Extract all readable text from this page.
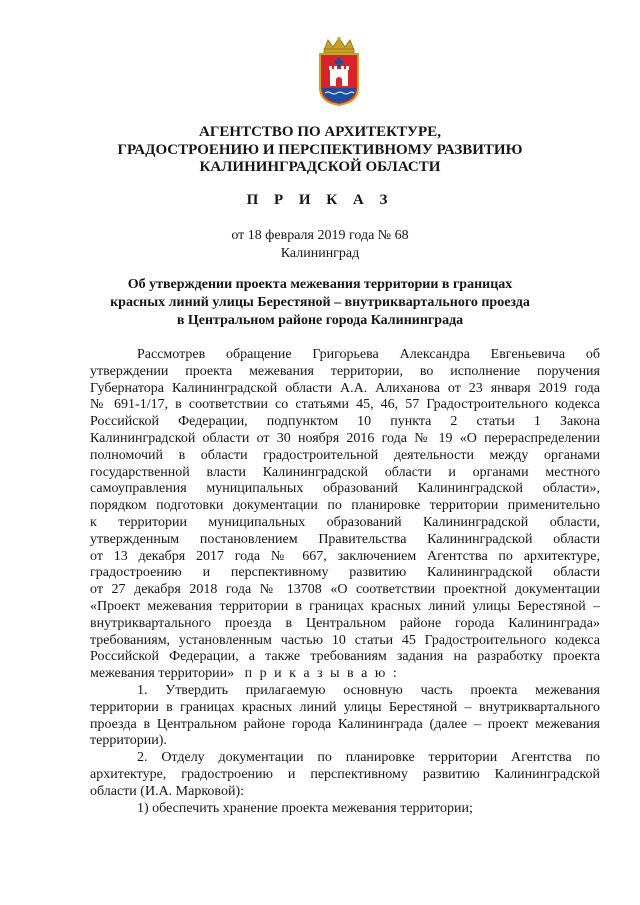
АГЕНТСТВО ПО АРХИТЕКТУРЕ,
ГРАДОСТРОЕНИЮ И ПЕРСПЕКТИВНОМУ РАЗВИТИЮ
КАЛИНИНГРАДСКОЙ ОБЛАСТИ
П Р И К А З
от 18 февраля 2019 года № 68
Калининград
Об утверждении проекта межевания территории в границах
красных линий улицы Берестяной – внутриквартального проезда
в Центральном районе города Калининграда
Рассмотрев обращение Григорьева Александра Евгеньевича об
утверждении проекта межевания территории, во исполнение поручения
Губернатора Калининградской области А.А. Алиханова от 23 января 2019 года
№ 691-1/17, в соответствии со статьями 45, 46, 57 Градостроительного кодекса
Российской Федерации, подпунктом 10 пункта 2 статьи 1 Закона
Калининградской области от 30 ноября 2016 года № 19 «О перераспределении
полномочий в области градостроительной деятельности между органами
государственной власти Калининградской области и органами местного
самоуправления муниципальных образований Калининградской области»,
порядком подготовки документации по планировке территории применительно
к территории муниципальных образований Калининградской области,
утвержденным постановлением Правительства Калининградской области
от 13 декабря 2017 года № 667, заключением Агентства по архитектуре,
градостроению и перспективному развитию Калининградской области
от 27 декабря 2018 года № 13708 «О соответствии проектной документации
«Проект межевания территории в границах красных линий улицы Берестяной –
внутриквартального проезда в Центральном районе города Калининграда»
требованиям, установленным частью 10 статьи 45 Градостроительного кодекса
Российской Федерации, а также требованиям задания на разработку проекта
межевания территории» п р и к а з ы в а ю :
1. Утвердить прилагаемую основную часть проекта межевания
территории в границах красных линий улицы Берестяной – внутриквартального
проезда в Центральном районе города Калининграда (далее – проект межевания
территории).
2. Отделу документации по планировке территории Агентства по
архитектуре, градостроению и перспективному развитию Калининградской
области (И.А. Марковой):
1) обеспечить хранение проекта межевания территории;
